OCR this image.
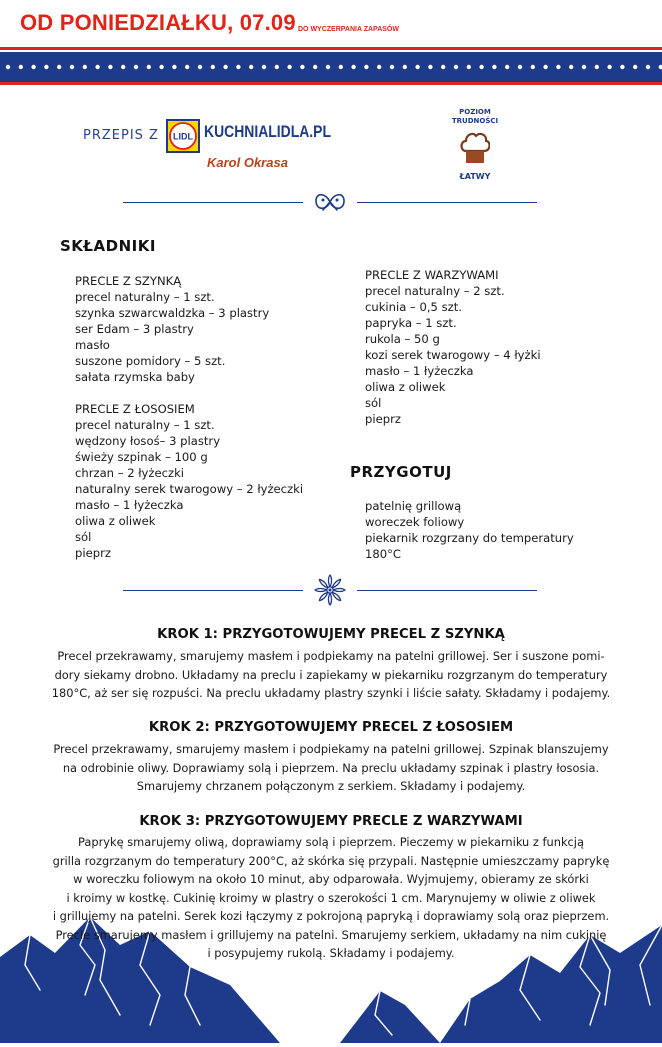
OD PONIEDZIAŁKU, 07.09 DO WYCZERPANIA ZAPASÓW
PRZEPIS Z LIDL KUCHNIALIDLA.PL
Karol Okrasa
POZIOM
TRUDNOŚCI
ŁATWY
SKŁADNIKI
PRECLE Z SZYNKĄ
precel naturalny – 1 szt.
szynka szwarcwaldzka – 3 plastry
ser Edam – 3 plastry
masło
suszone pomidory – 5 szt.
sałata rzymska baby
PRECLE Z ŁOSOSIEM
precel naturalny – 1 szt.
wędzony łosoś– 3 plastry
świeży szpinak – 100 g
chrzan – 2 łyżeczki
naturalny serek twarogowy – 2 łyżeczki
masło – 1 łyżeczka
oliwa z oliwek
sól
pieprz
PRECLE Z WARZYWAMI
precel naturalny – 2 szt.
cukinia – 0,5 szt.
papryka – 1 szt.
rukola – 50 g
kozi serek twarogowy – 4 łyżki
masło – 1 łyżeczka
oliwa z oliwek
sól
pieprz
PRZYGOTUJ
patelnię grillową
woreczek foliowy
piekarnik rozgrzany do temperatury
180°C
KROK 1: PRZYGOTOWUJEMY PRECEL Z SZYNKĄ
Precel przekrawamy, smarujemy masłem i podpiekamy na patelni grillowej. Ser i suszone pomi-
dory siekamy drobno. Układamy na preclu i zapiekamy w piekarniku rozgrzanym do temperatury
180°C, aż ser się rozpuści. Na preclu układamy plastry szynki i liście sałaty. Składamy i podajemy.
KROK 2: PRZYGOTOWUJEMY PRECEL Z ŁOSOSIEM
Precel przekrawamy, smarujemy masłem i podpiekamy na patelni grillowej. Szpinak blanszujemy
na odrobinie oliwy. Doprawiamy solą i pieprzem. Na preclu układamy szpinak i plastry łososia.
Smarujemy chrzanem połączonym z serkiem. Składamy i podajemy.
KROK 3: PRZYGOTOWUJEMY PRECLE Z WARZYWAMI
Paprykę smarujemy oliwą, doprawiamy solą i pieprzem. Pieczemy w piekarniku z funkcją
grilla rozgrzanym do temperatury 200°C, aż skórka się przypali. Następnie umieszczamy paprykę
w woreczku foliowym na około 10 minut, aby odparowała. Wyjmujemy, obieramy ze skórki
i kroimy w kostkę. Cukinię kroimy w plastry o szerokości 1 cm. Marynujemy w oliwie z oliwek
i grillujemy na patelni. Serek kozi łączymy z pokrojoną papryką i doprawiamy solą oraz pieprzem.
Precle smarujemy masłem i grillujemy na patelni. Smarujemy serkiem, układamy na nim cukinię
i posypujemy rukolą. Składamy i podajemy.
